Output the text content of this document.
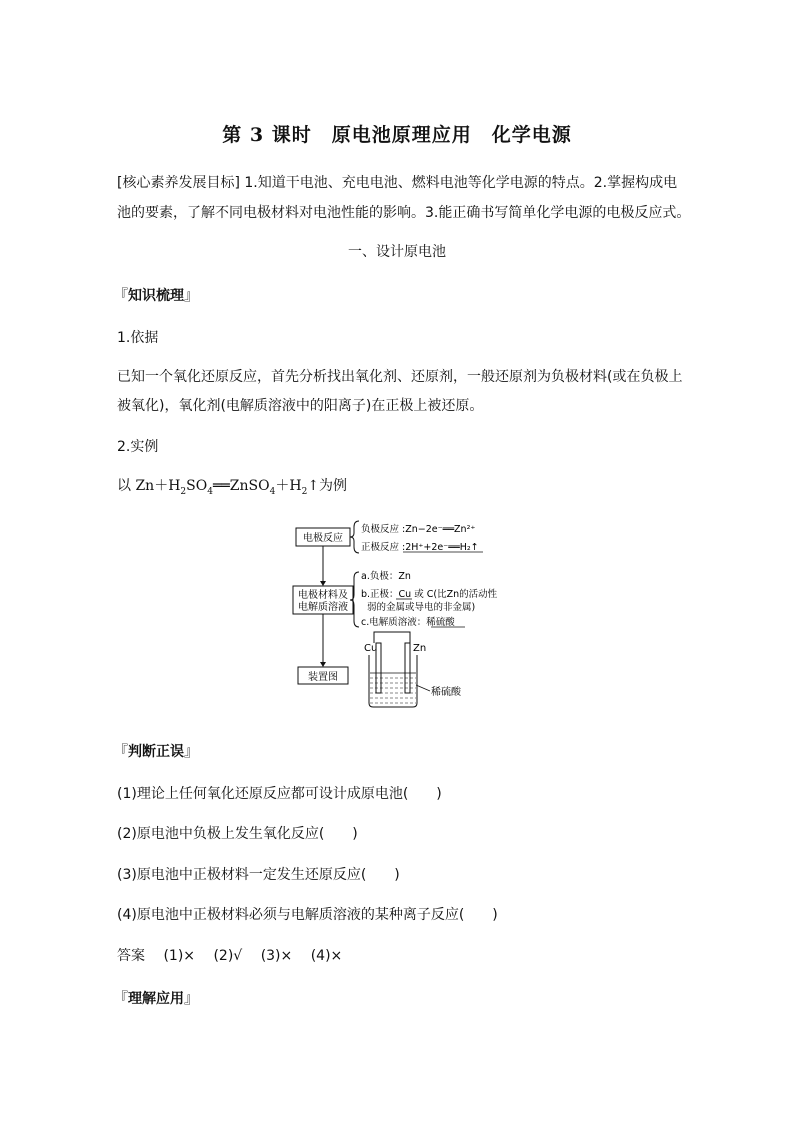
第 3 课时　原电池原理应用　化学电源
[核心素养发展目标] 1.知道干电池、充电电池、燃料电池等化学电源的特点。2.掌握构成电
池的要素，了解不同电极材料对电池性能的影响。3.能正确书写简单化学电源的电极反应式。
一、设计原电池
『知识梳理』
1.依据
已知一个氧化还原反应，首先分析找出氧化剂、还原剂，一般还原剂为负极材料(或在负极上
被氧化)，氧化剂(电解质溶液中的阳离子)在正极上被还原。
2.实例
以 $Zn+H_2SO_4══ZnSO_4+H_2↑$为例
电极反应
电极材料及
电解质溶液
装置图
负极反应 :Zn−2e⁻══Zn²⁺
正极反应 :2H⁺+2e⁻══H₂↑
a.负极：Zn
b.正极：Cu 或 C(比Zn的活动性
弱的金属或导电的非金属)
c.电解质溶液：稀硫酸
Cu	Zn
稀硫酸
『判断正误』
(1)理论上任何氧化还原反应都可设计成原电池(　　)
(2)原电池中负极上发生氧化反应(　　)
(3)原电池中正极材料一定发生还原反应(　　)
(4)原电池中正极材料必须与电解质溶液的某种离子反应(　　)
答案 (1)× (2)√ (3)× (4)×
『理解应用』
